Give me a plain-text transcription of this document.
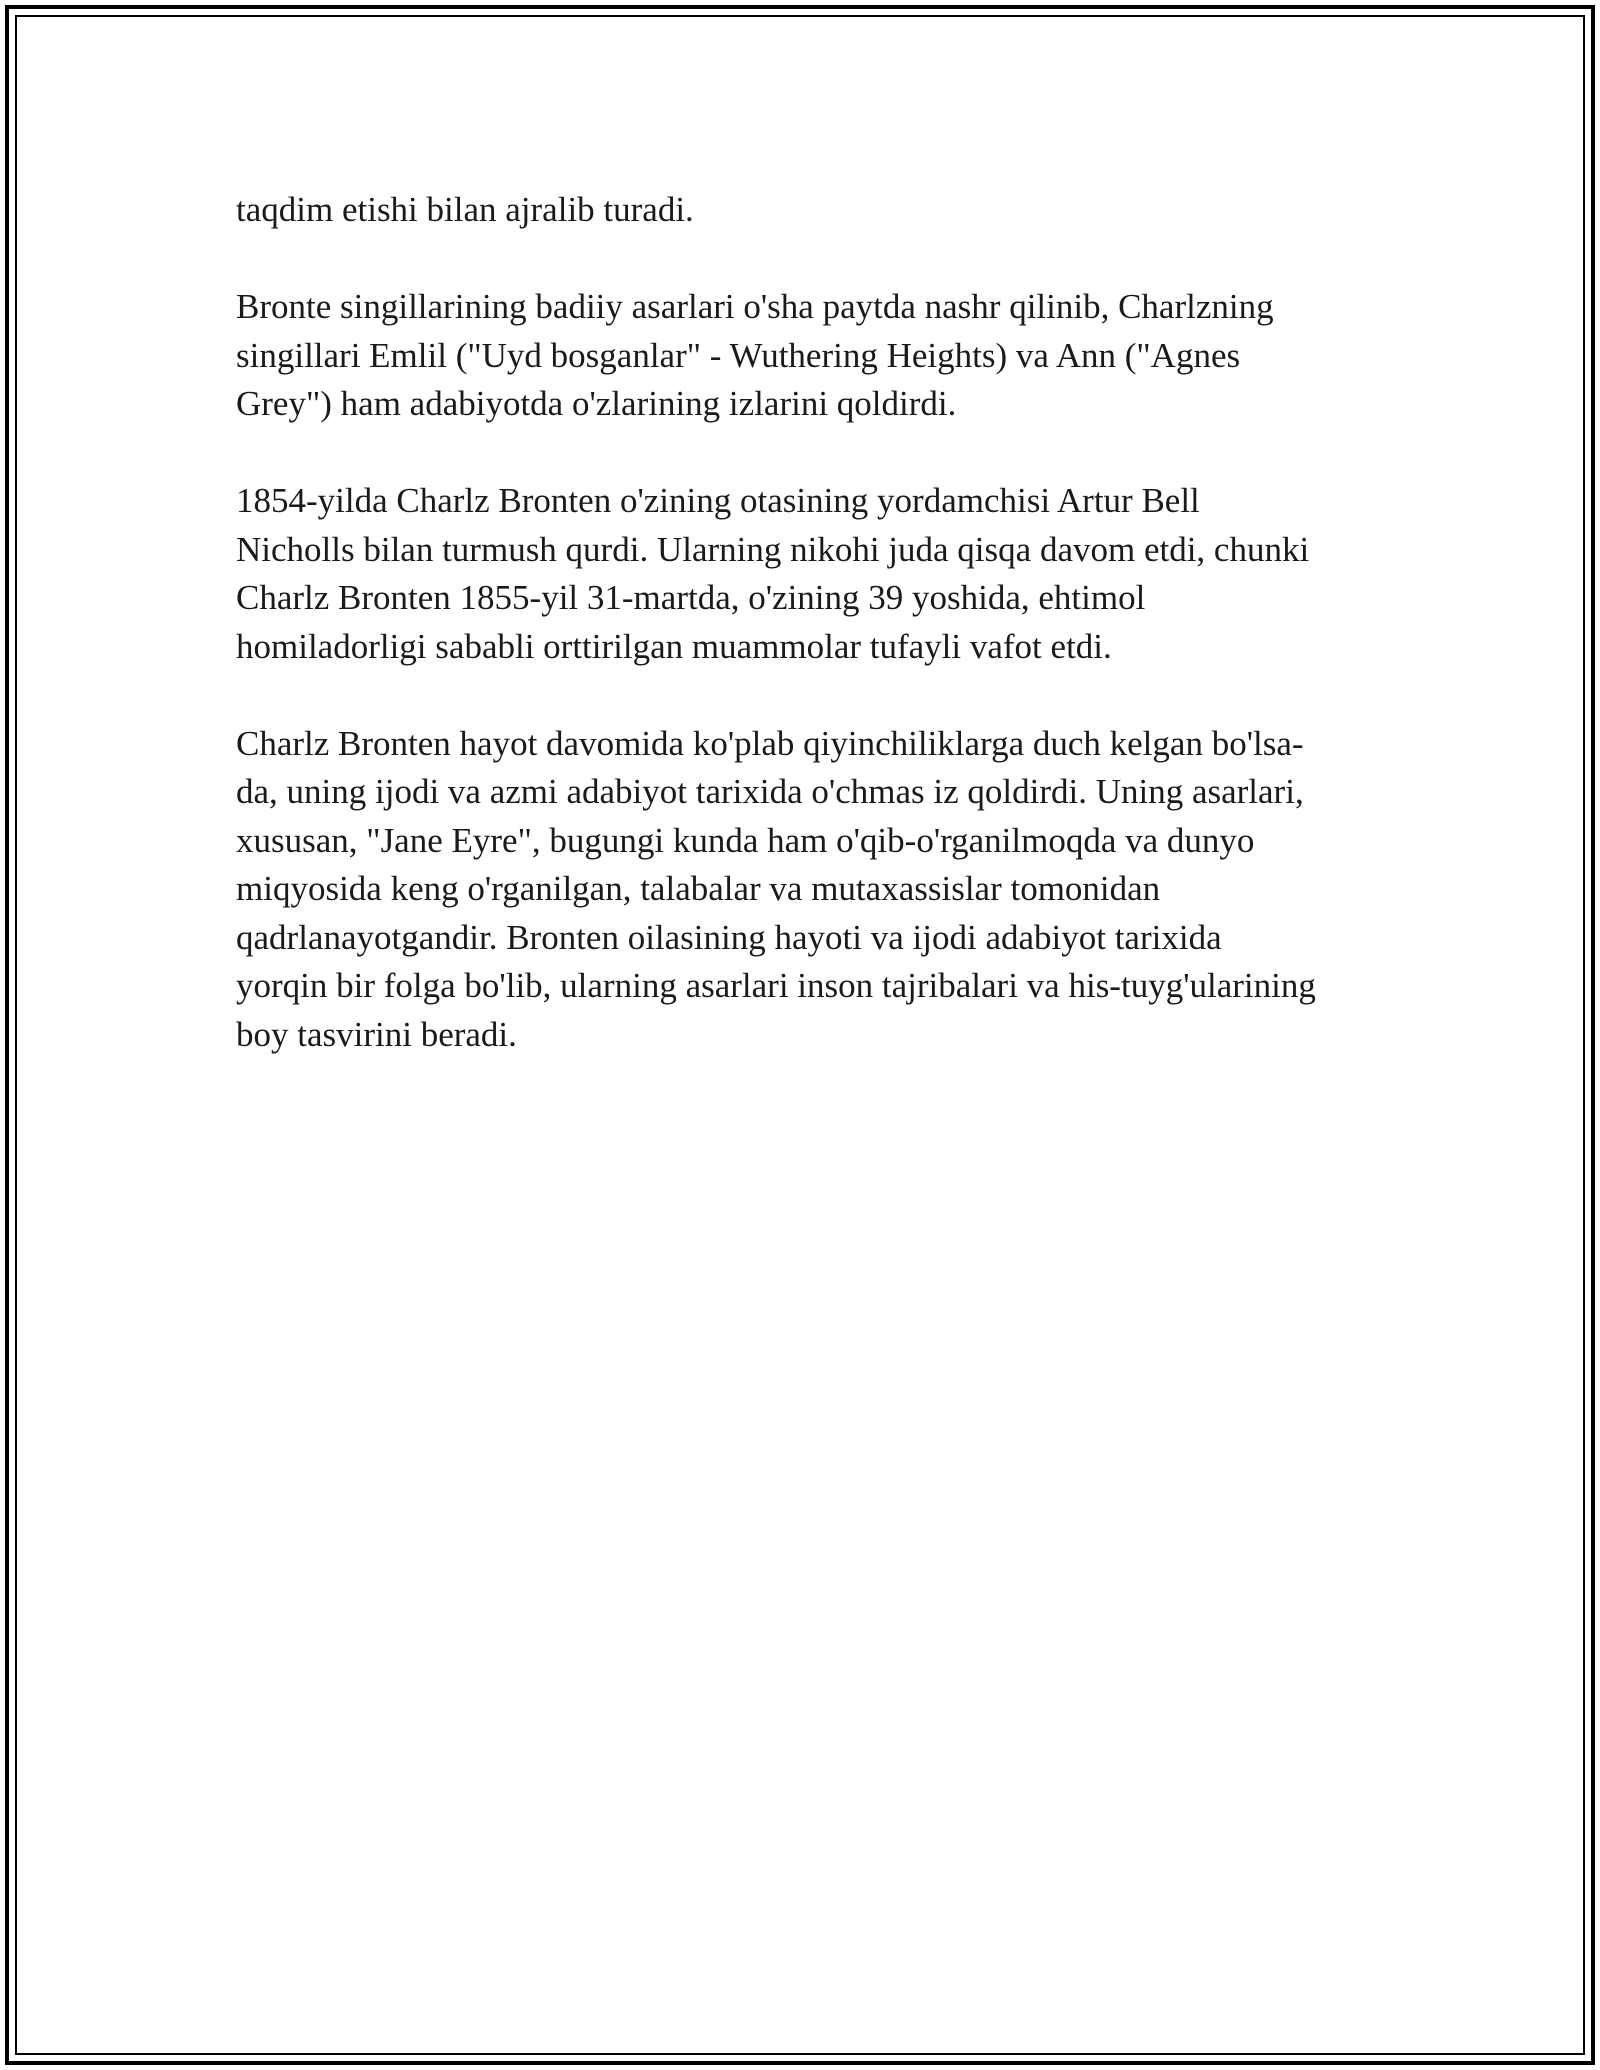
taqdim etishi bilan ajralib turadi.

Bronte singillarining badiiy asarlari o'sha paytda nashr qilinib, Charlzning
singillari Emlil ("Uyd bosganlar" - Wuthering Heights) va Ann ("Agnes
Grey") ham adabiyotda o'zlarining izlarini qoldirdi.

1854-yilda Charlz Bronten o'zining otasining yordamchisi Artur Bell
Nicholls bilan turmush qurdi. Ularning nikohi juda qisqa davom etdi, chunki
Charlz Bronten 1855-yil 31-martda, o'zining 39 yoshida, ehtimol
homiladorligi sababli orttirilgan muammolar tufayli vafot etdi.

Charlz Bronten hayot davomida ko'plab qiyinchiliklarga duch kelgan bo'lsa-
da, uning ijodi va azmi adabiyot tarixida o'chmas iz qoldirdi. Uning asarlari,
xususan, "Jane Eyre", bugungi kunda ham o'qib-o'rganilmoqda va dunyo
miqyosida keng o'rganilgan, talabalar va mutaxassislar tomonidan
qadrlanayotgandir. Bronten oilasining hayoti va ijodi adabiyot tarixida
yorqin bir folga bo'lib, ularning asarlari inson tajribalari va his-tuyg'ularining
boy tasvirini beradi.
